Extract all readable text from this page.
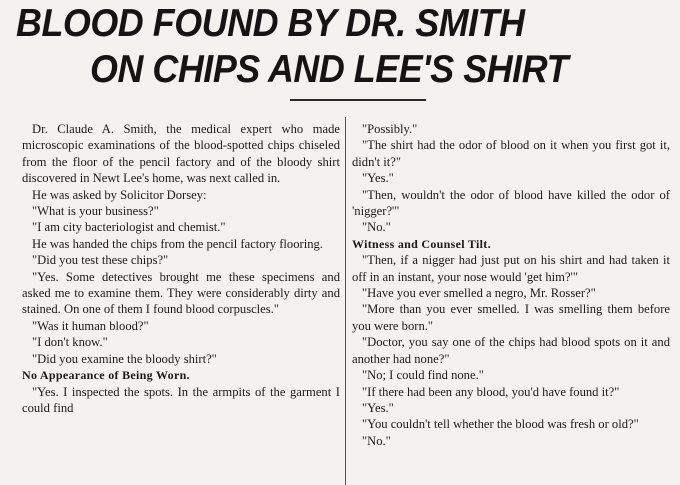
BLOOD FOUND BY DR. SMITH
ON CHIPS AND LEE'S SHIRT

Dr. Claude A. Smith, the medical expert who made microscopic examinations of the blood-spotted chips chiseled from the floor of the pencil factory and of the bloody shirt discovered in Newt Lee's home, was next called in.

He was asked by Solicitor Dorsey:

"What is your business?"

"I am city bacteriologist and chemist."

He was handed the chips from the pencil factory flooring.

"Did you test these chips?"

"Yes. Some detectives brought me these specimens and asked me to examine them. They were considerably dirty and stained. On one of them I found blood corpuscles."

"Was it human blood?"

"I don't know."

"Did you examine the bloody shirt?"

No Appearance of Being Worn.

"Yes. I inspected the spots. In the armpits of the garment I could find

"Possibly."

"The shirt had the odor of blood on it when you first got it, didn't it?"

"Yes."

"Then, wouldn't the odor of blood have killed the odor of 'nigger?'"

"No."

Witness and Counsel Tilt.

"Then, if a nigger had just put on his shirt and had taken it off in an instant, your nose would 'get him?'"

"Have you ever smelled a negro, Mr. Rosser?"

"More than you ever smelled. I was smelling them before you were born."

"Doctor, you say one of the chips had blood spots on it and another had none?"

"No; I could find none."

"If there had been any blood, you'd have found it?"

"Yes."

"You couldn't tell whether the blood was fresh or old?"

"No."
